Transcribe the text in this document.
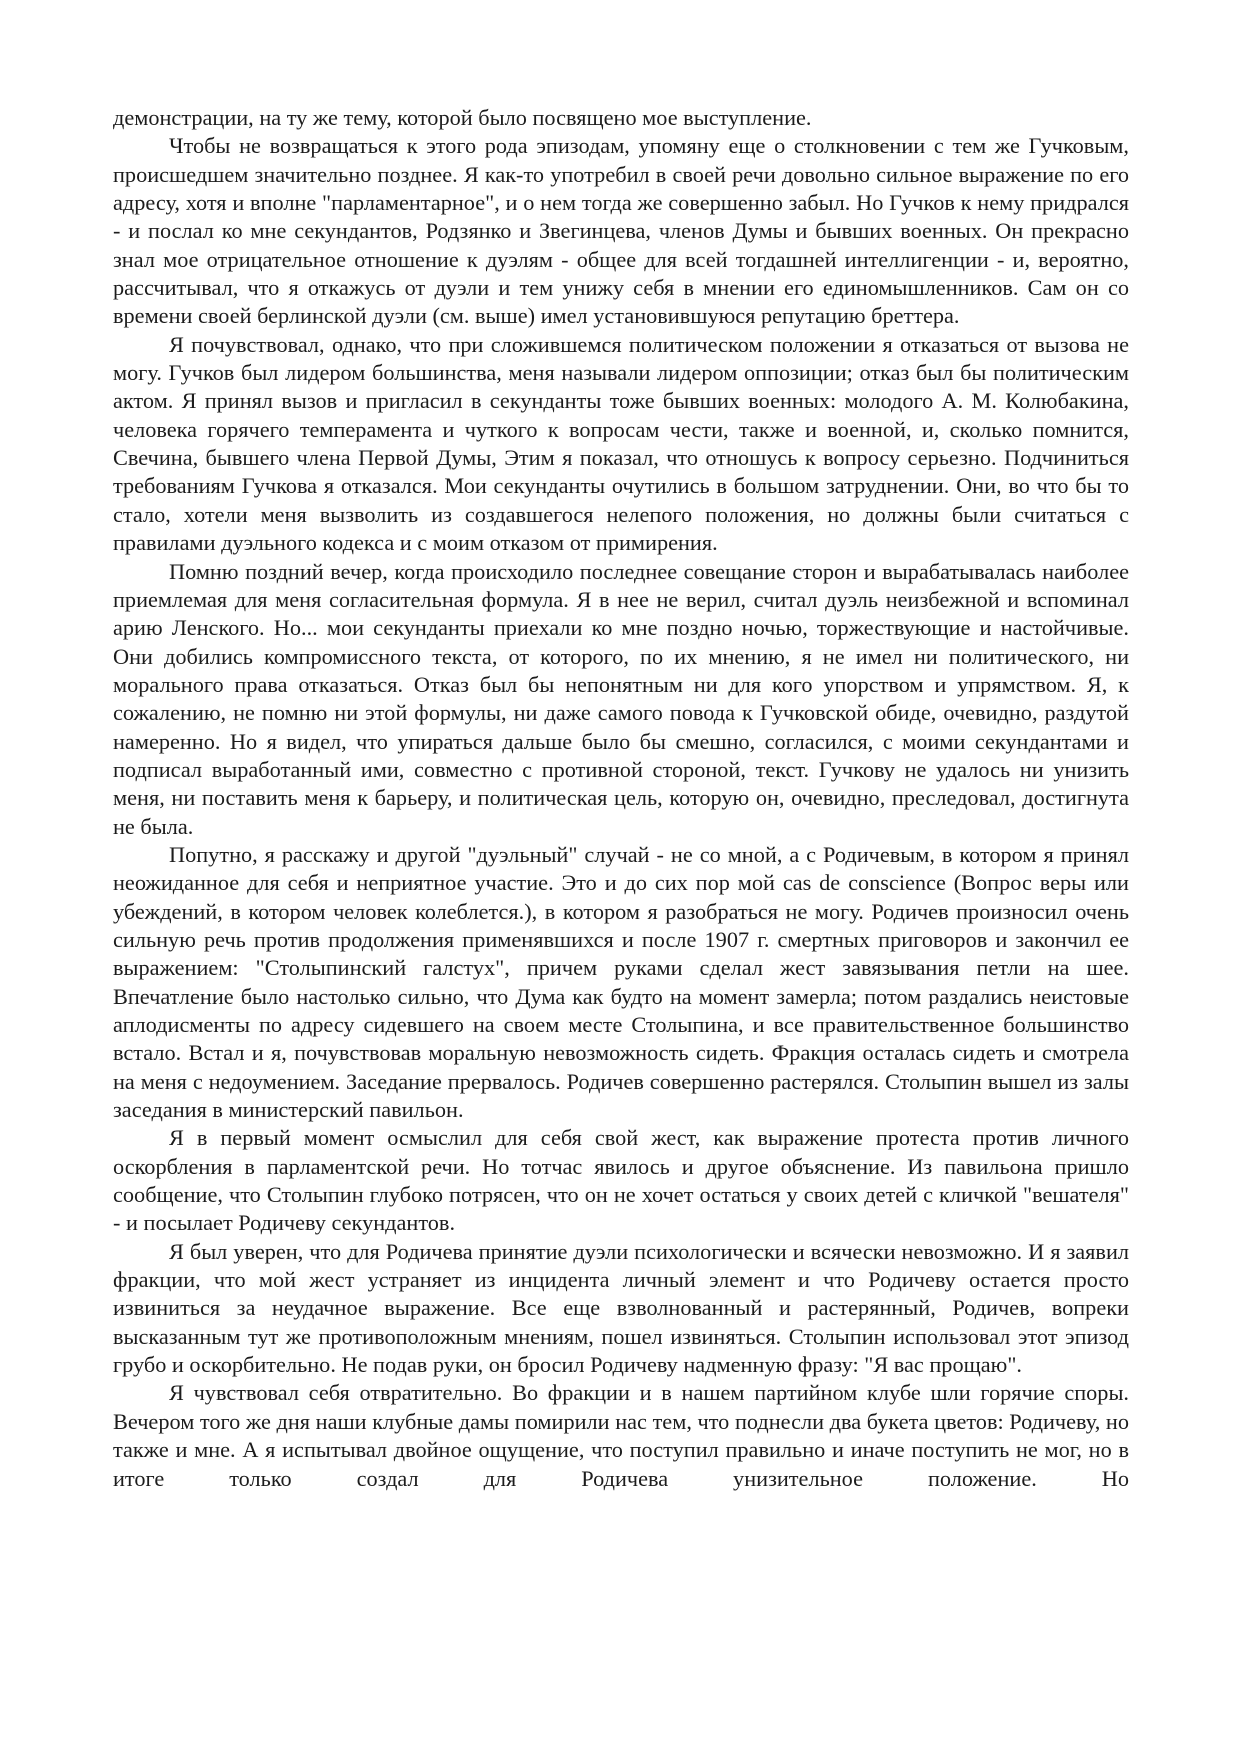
демонстрации, на ту же тему, которой было посвящено мое выступление.

Чтобы не возвращаться к этого рода эпизодам, упомяну еще о столкновении с тем же Гучковым, происшедшем значительно позднее. Я как-то употребил в своей речи довольно сильное выражение по его адресу, хотя и вполне "парламентарное", и о нем тогда же совершенно забыл. Но Гучков к нему придрался - и послал ко мне секундантов, Родзянко и Звегинцева, членов Думы и бывших военных. Он прекрасно знал мое отрицательное отношение к дуэлям - общее для всей тогдашней интеллигенции - и, вероятно, рассчитывал, что я откажусь от дуэли и тем унижу себя в мнении его единомышленников. Сам он со времени своей берлинской дуэли (см. выше) имел установившуюся репутацию бреттера.

Я почувствовал, однако, что при сложившемся политическом положении я отказаться от вызова не могу. Гучков был лидером большинства, меня называли лидером оппозиции; отказ был бы политическим актом. Я принял вызов и пригласил в секунданты тоже бывших военных: молодого А. М. Колюбакина, человека горячего темперамента и чуткого к вопросам чести, также и военной, и, сколько помнится, Свечина, бывшего члена Первой Думы, Этим я показал, что отношусь к вопросу серьезно. Подчиниться требованиям Гучкова я отказался. Мои секунданты очутились в большом затруднении. Они, во что бы то стало, хотели меня вызволить из создавшегося нелепого положения, но должны были считаться с правилами дуэльного кодекса и с моим отказом от примирения.

Помню поздний вечер, когда происходило последнее совещание сторон и вырабатывалась наиболее приемлемая для меня согласительная формула. Я в нее не верил, считал дуэль неизбежной и вспоминал арию Ленского. Но... мои секунданты приехали ко мне поздно ночью, торжествующие и настойчивые. Они добились компромиссного текста, от которого, по их мнению, я не имел ни политического, ни морального права отказаться. Отказ был бы непонятным ни для кого упорством и упрямством. Я, к сожалению, не помню ни этой формулы, ни даже самого повода к Гучковской обиде, очевидно, раздутой намеренно. Но я видел, что упираться дальше было бы смешно, согласился, с моими секундантами и подписал выработанный ими, совместно с противной стороной, текст. Гучкову не удалось ни унизить меня, ни поставить меня к барьеру, и политическая цель, которую он, очевидно, преследовал, достигнута не была.

Попутно, я расскажу и другой "дуэльный" случай - не со мной, а с Родичевым, в котором я принял неожиданное для себя и неприятное участие. Это и до сих пор мой cas de conscience (Вопрос веры или убеждений, в котором человек колеблется.), в котором я разобраться не могу. Родичев произносил очень сильную речь против продолжения применявшихся и после 1907 г. смертных приговоров и закончил ее выражением: "Столыпинский галстух", причем руками сделал жест завязывания петли на шее. Впечатление было настолько сильно, что Дума как будто на момент замерла; потом раздались неистовые аплодисменты по адресу сидевшего на своем месте Столыпина, и все правительственное большинство встало. Встал и я, почувствовав моральную невозможность сидеть. Фракция осталась сидеть и смотрела на меня с недоумением. Заседание прервалось. Родичев совершенно растерялся. Столыпин вышел из залы заседания в министерский павильон.

Я в первый момент осмыслил для себя свой жест, как выражение протеста против личного оскорбления в парламентской речи. Но тотчас явилось и другое объяснение. Из павильона пришло сообщение, что Столыпин глубоко потрясен, что он не хочет остаться у своих детей с кличкой "вешателя" - и посылает Родичеву секундантов.

Я был уверен, что для Родичева принятие дуэли психологически и всячески невозможно. И я заявил фракции, что мой жест устраняет из инцидента личный элемент и что Родичеву остается просто извиниться за неудачное выражение. Все еще взволнованный и растерянный, Родичев, вопреки высказанным тут же противоположным мнениям, пошел извиняться. Столыпин использовал этот эпизод грубо и оскорбительно. Не подав руки, он бросил Родичеву надменную фразу: "Я вас прощаю".

Я чувствовал себя отвратительно. Во фракции и в нашем партийном клубе шли горячие споры. Вечером того же дня наши клубные дамы помирили нас тем, что поднесли два букета цветов: Родичеву, но также и мне. А я испытывал двойное ощущение, что поступил правильно и иначе поступить не мог, но в итоге только создал для Родичева унизительное положение. Но
